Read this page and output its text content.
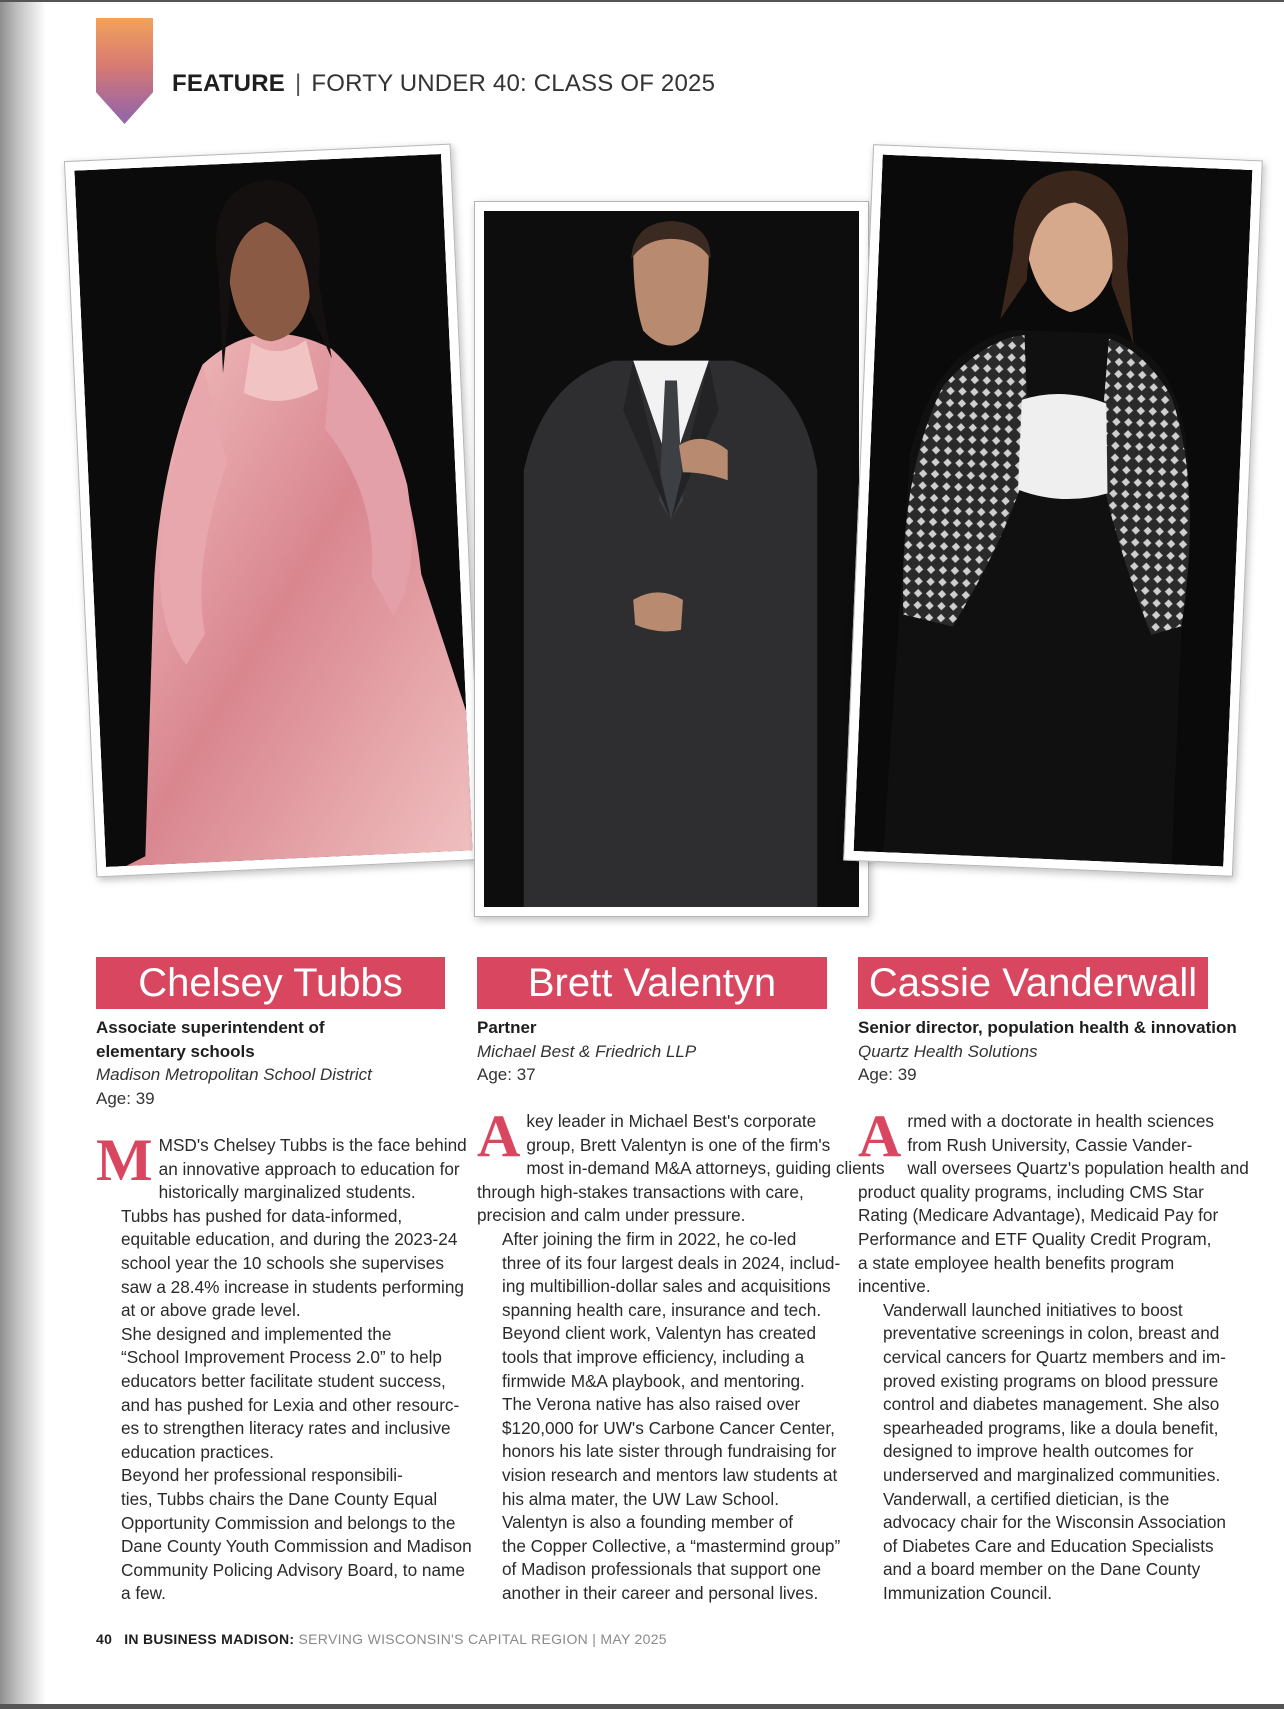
FEATURE | FORTY UNDER 40: CLASS OF 2025
Chelsey Tubbs	Brett Valentyn	Cassie Vanderwall
Associate superintendent of
elementary schools
Madison Metropolitan School District
Age: 39
Partner
Michael Best & Friedrich LLP
Age: 37
Senior director, population health & innovation
Quartz Health Solutions
Age: 39

M MSD's Chelsey Tubbs is the face behind
an innovative approach to education for
historically marginalized students.

Tubbs has pushed for data-informed,
equitable education, and during the 2023-24
school year the 10 schools she supervises
saw a 28.4% increase in students performing
at or above grade level.

She designed and implemented the
“School Improvement Process 2.0” to help
educators better facilitate student success,
and has pushed for Lexia and other resourc-
es to strengthen literacy rates and inclusive
education practices.

Beyond her professional responsibili-
ties, Tubbs chairs the Dane County Equal
Opportunity Commission and belongs to the
Dane County Youth Commission and Madison
Community Policing Advisory Board, to name
a few.

A key leader in Michael Best's corporate
group, Brett Valentyn is one of the firm's
most in-demand M&A attorneys, guiding clients
through high-stakes transactions with care,
precision and calm under pressure.

After joining the firm in 2022, he co-led
three of its four largest deals in 2024, includ-
ing multibillion-dollar sales and acquisitions
spanning health care, insurance and tech.
Beyond client work, Valentyn has created
tools that improve efficiency, including a
firmwide M&A playbook, and mentoring.

The Verona native has also raised over
$120,000 for UW's Carbone Cancer Center,
honors his late sister through fundraising for
vision research and mentors law students at
his alma mater, the UW Law School.

Valentyn is also a founding member of
the Copper Collective, a “mastermind group”
of Madison professionals that support one
another in their career and personal lives.

A rmed with a doctorate in health sciences
from Rush University, Cassie Vander-
wall oversees Quartz's population health and
product quality programs, including CMS Star
Rating (Medicare Advantage), Medicaid Pay for
Performance and ETF Quality Credit Program,
a state employee health benefits program
incentive.

Vanderwall launched initiatives to boost
preventative screenings in colon, breast and
cervical cancers for Quartz members and im-
proved existing programs on blood pressure
control and diabetes management. She also
spearheaded programs, like a doula benefit,
designed to improve health outcomes for
underserved and marginalized communities.

Vanderwall, a certified dietician, is the
advocacy chair for the Wisconsin Association
of Diabetes Care and Education Specialists
and a board member on the Dane County
Immunization Council.

40 IN BUSINESS MADISON: SERVING WISCONSIN'S CAPITAL REGION | MAY 2025
